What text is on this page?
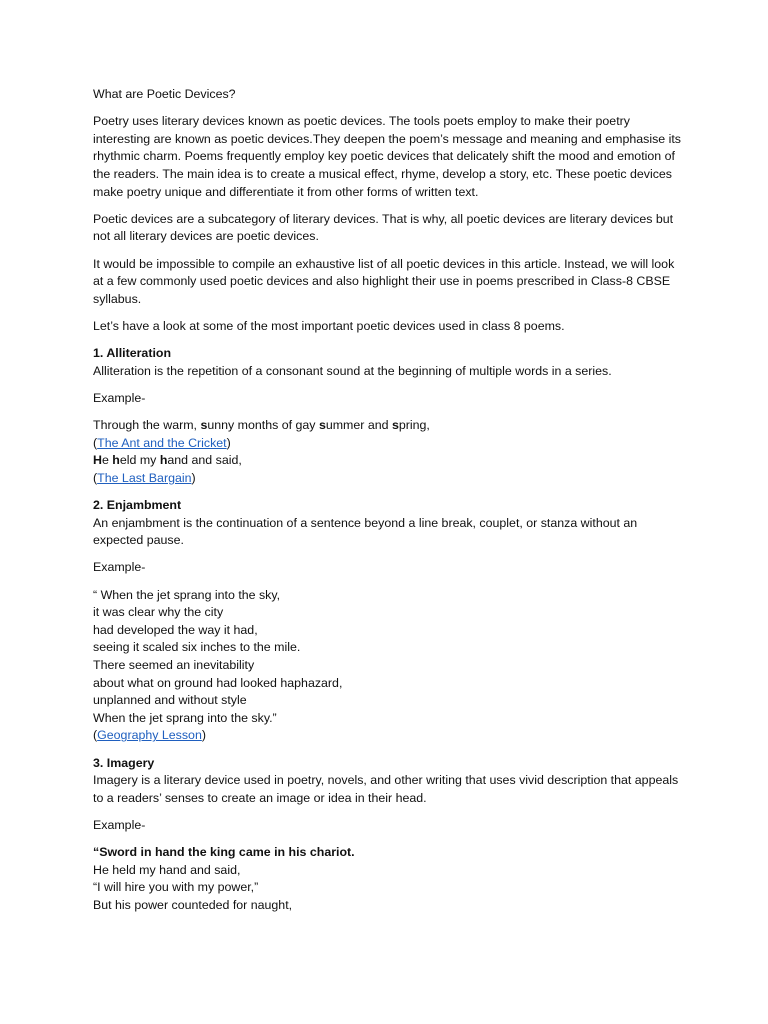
What are Poetic Devices?

Poetry uses literary devices known as poetic devices. The tools poets employ to make their poetry interesting are known as poetic devices.They deepen the poem’s message and meaning and emphasise its rhythmic charm. Poems frequently employ key poetic devices that delicately shift the mood and emotion of the readers. The main idea is to create a musical effect, rhyme, develop a story, etc. These poetic devices make poetry unique and differentiate it from other forms of written text.

Poetic devices are a subcategory of literary devices. That is why, all poetic devices are literary devices but not all literary devices are poetic devices.

It would be impossible to compile an exhaustive list of all poetic devices in this article. Instead, we will look at a few commonly used poetic devices and also highlight their use in poems prescribed in Class-8 CBSE syllabus.

Let’s have a look at some of the most important poetic devices used in class 8 poems.

1. Alliteration
Alliteration is the repetition of a consonant sound at the beginning of multiple words in a series.

Example-

Through the warm, sunny months of gay summer and spring,
(The Ant and the Cricket)
He held my hand and said,
(The Last Bargain)

2. Enjambment
An enjambment is the continuation of a sentence beyond a line break, couplet, or stanza without an expected pause.

Example-

“ When the jet sprang into the sky,
it was clear why the city
had developed the way it had,
seeing it scaled six inches to the mile.
There seemed an inevitability
about what on ground had looked haphazard,
unplanned and without style
When the jet sprang into the sky.”
(Geography Lesson)

3. Imagery
Imagery is a literary device used in poetry, novels, and other writing that uses vivid description that appeals to a readers’ senses to create an image or idea in their head.

Example-

“Sword in hand the king came in his chariot.
He held my hand and said,
“I will hire you with my power,”
But his power counteded for naught,
